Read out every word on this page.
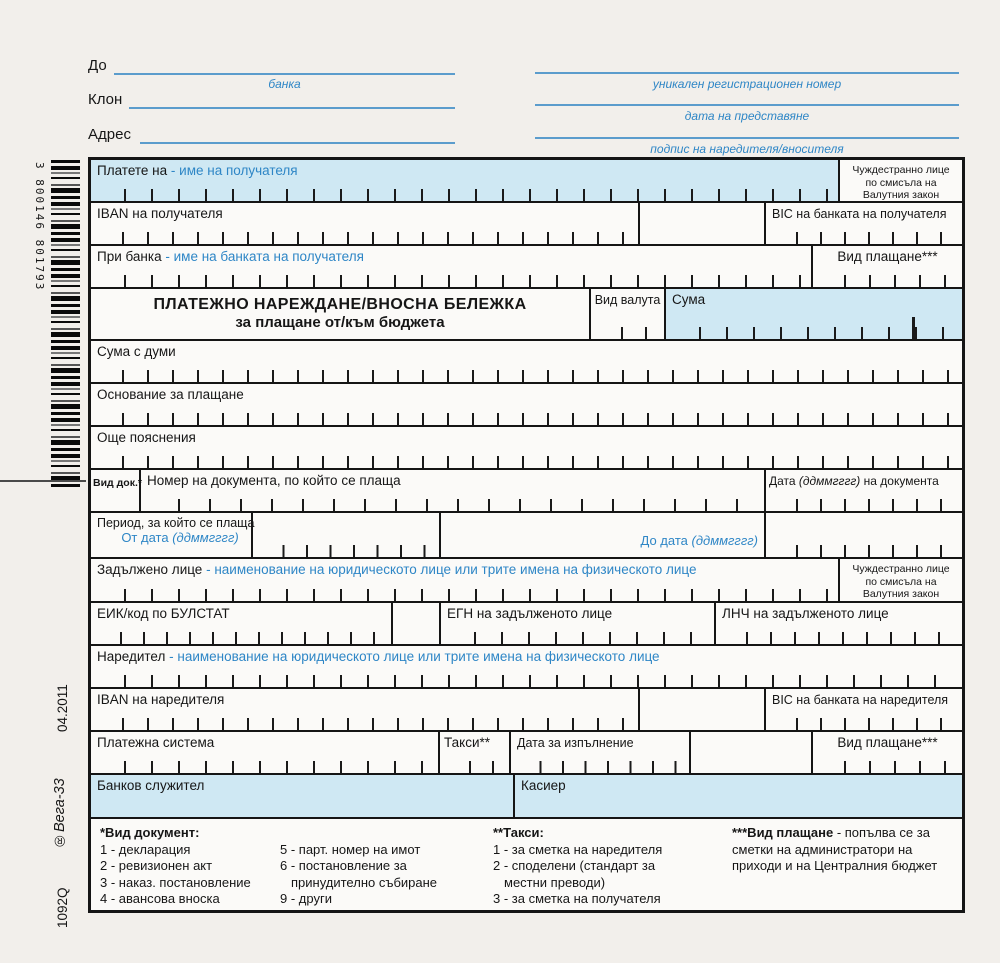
До
банка
Клон
Адрес
уникален регистрационен номер
дата на представяне
подпис на наредителя/вносителя
3 800146 801793
04.2011
®Вега-33
1092Q
Платете на - име на получателя	Чуждестранно лице
по смисъла на
Валутния закон
IBAN на получателя	BIC на банката на получателя
При банка - име на банката на получателя	Вид плащане***
ПЛАТЕЖНО НАРЕЖДАНЕ/ВНОСНА БЕЛЕЖКА
за плащане от/към бюджета
Вид валута Сума
Сума с думи
Основание за плащане
Още пояснения
Вид док.* Номер на документа, по който се плаща	Дата (ддммгггг) на документа
Период, за който се плаща
От дата (ддммгггг)	До дата (ддммгггг)
Задължено лице - наименование на юридическото лице или трите имена на физическото лице	Чуждестранно лице
по смисъла на
Валутния закон
ЕИК/код по БУЛСТАТ	ЕГН на задълженото лице	ЛНЧ на задълженото лице
Наредител - наименование на юридическото лице или трите имена на физическото лице
IBAN на наредителя	BIC на банката на наредителя
Платежна система	Такси**	Дата за изпълнение	Вид плащане***
Банков служител	Касиер
*Вид документ:
1 - декларация	5 - парт. номер на имот
2 - ревизионен акт	6 - постановление за
3 - наказ. постановление	принудително събиране
4 - авансова вноска	9 - други
**Такси:
1 - за сметка на наредителя
2 - споделени (стандарт за
местни преводи)
3 - за сметка на получателя
***Вид плащане - попълва се за сметки на администратори на приходи и на Централния бюджет
